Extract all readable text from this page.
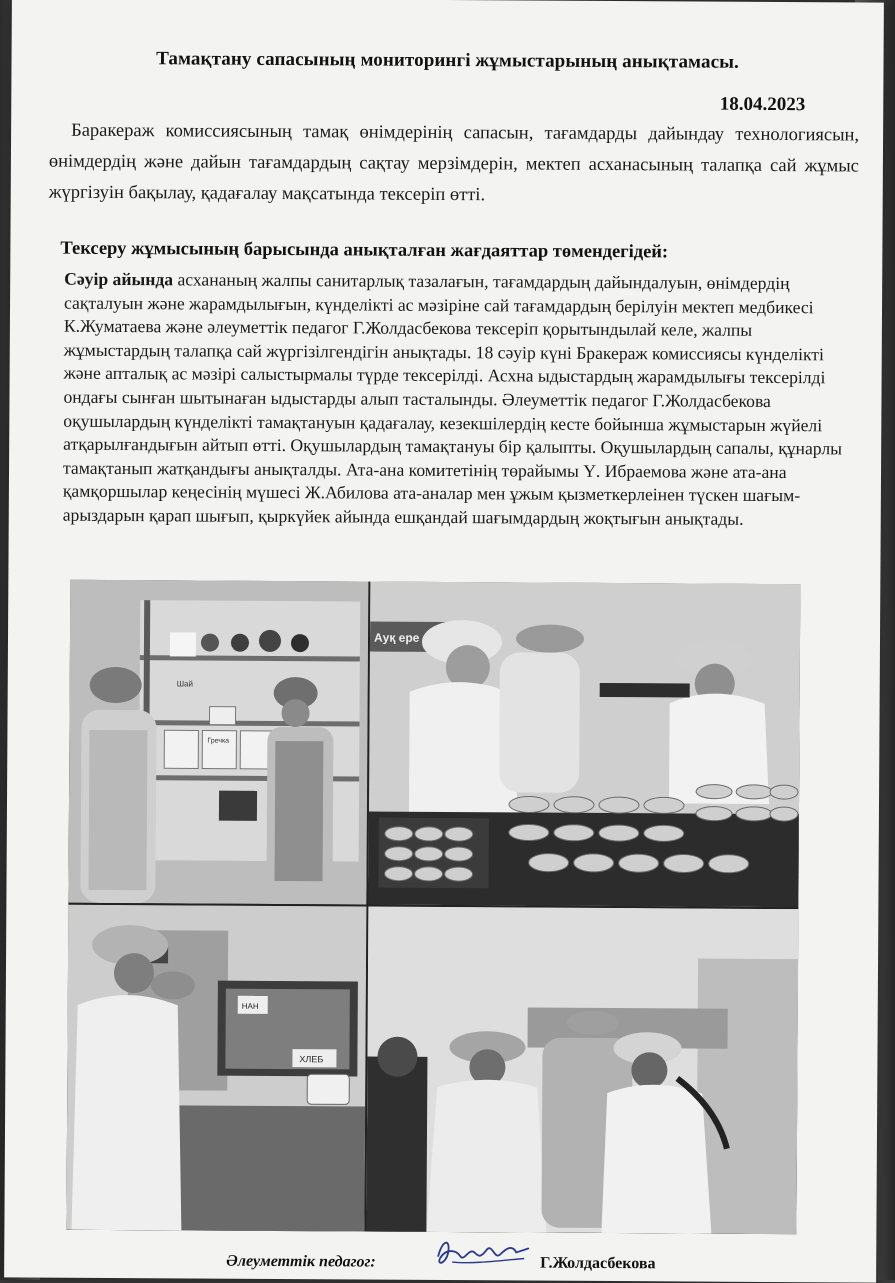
Тамақтану сапасының мониторингі жұмыстарының анықтамасы.
18.04.2023
Баракераж комиссиясының тамақ өнімдерінің сапасын, тағамдарды дайындау технологиясын, өнімдердің және дайын тағамдардың сақтау мерзімдерін, мектеп асханасының талапқа сай жұмыс жүргізуін бақылау, қадағалау мақсатында тексеріп өтті.
Тексеру жұмысының барысында анықталған жағдаяттар төмендегідей:
Сәуір айында асхананың жалпы санитарлық тазалағын, тағамдардың дайындалуын, өнімдердің сақталуын және жарамдылығын, күнделікті ас мәзіріне сай тағамдардың берілуін мектеп медбикесі К.Жуматаева және әлеуметтік педагог Г.Жолдасбекова тексеріп қорытындылай келе, жалпы жұмыстардың талапқа сай жүргізілгендігін анықтады. 18 сәуір күні Бракераж комиссиясы күнделікті және апталық ас мәзірі салыстырмалы түрде тексерілді. Асхна ыдыстардың жарамдылығы тексерілді ондағы сынған шытынаған ыдыстарды алып тасталынды. Әлеуметтік педагог Г.Жолдасбекова оқушылардың күнделікті тамақтануын қадағалау, кезекшілердің кесте бойынша жұмыстарын жүйелі атқарылғандығын айтып өтті. Оқушылардың тамақтануы бір қалыпты. Оқушылардың сапалы, құнарлы тамақтанып жатқандығы анықталды. Ата-ана комитетінің төрайымы Ү. Ибраемова және ата-ана қамқоршылар кеңесінің мүшесі Ж.Абилова ата-аналар мен ұжым қызметкерлеінен түскен шағым-арыздарын қарап шығып, қыркүйек айында ешқандай шағымдардың жоқтығын анықтады.
Шай
Гречка
Ауқ ере
НАН
ХЛЕБ
Әлеуметтік педагог:	Г.Жолдасбекова
